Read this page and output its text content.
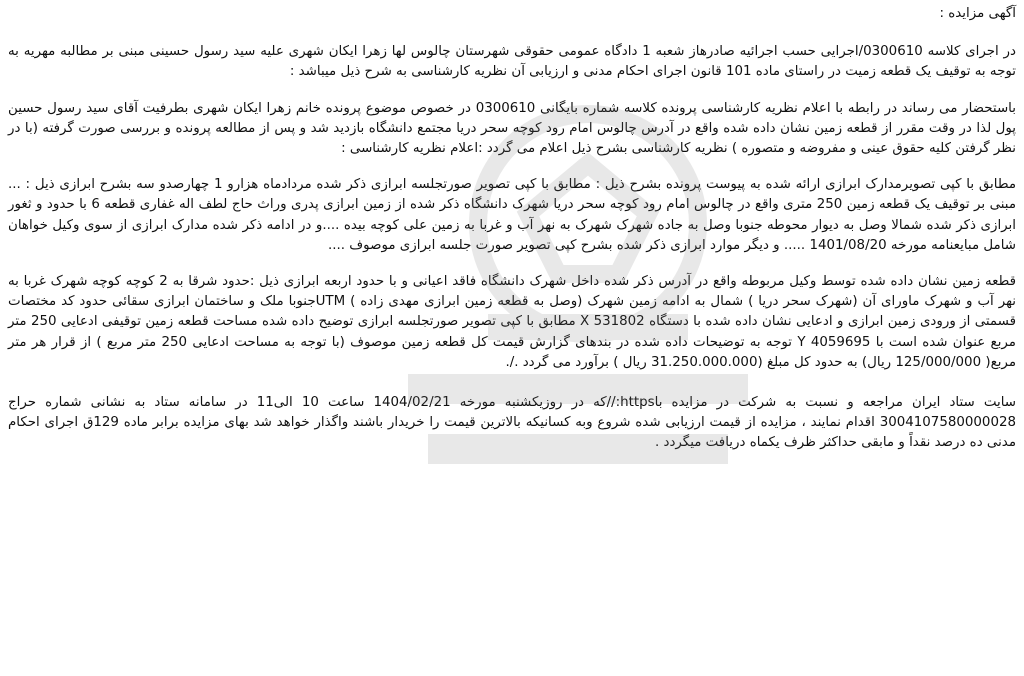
آگهی مزایده :

در اجرای کلاسه 0300610/اجرایی حسب اجرائیه صادرهاز شعبه 1 دادگاه عمومی حقوقی شهرستان چالوس لها زهرا ایکان شهری علیه سید رسول حسینی مبنی بر مطالبه مهریه به توجه به توقیف یک قطعه زمیت در راستای ماده 101 قانون اجرای احکام مدنی و ارزیابی آن نظریه کارشناسی به شرح ذیل میباشد :

باستحضار می رساند در رابطه با اعلام نظریه کارشناسی پرونده کلاسه شماره بایگانی 0300610 در خصوص موضوع پرونده خانم زهرا ایکان شهری بطرفیت آقای سید رسول حسین پول لذا در وقت مقرر از قطعه زمین نشان داده شده واقع در آدرس چالوس امام رود کوچه سحر دریا مجتمع دانشگاه بازدید شد و پس از مطالعه پرونده و بررسی صورت گرفته (با در نظر گرفتن کلیه حقوق عینی و مفروضه و متصوره ) نظریه کارشناسی بشرح ذیل اعلام می گردد :اعلام نظریه کارشناسی :

مطابق با کپی تصویرمدارک ابرازی ارائه شده به پیوست پرونده بشرح ذیل : مطابق با کپی تصویر صورتجلسه ابرازی ذکر شده مردادماه هزارو 1 چهارصدو سه بشرح ابرازی ذیل : ... مبنی بر توقیف یک قطعه زمین 250 متری واقع در چالوس امام رود کوچه سحر دریا شهرک دانشگاه ذکر شده از زمین ابرازی پدری وراث حاج لطف اله غفاری قطعه 6 با حدود و ثغور ابرازی ذکر شده شمالا وصل به دیوار محوطه جنوبا وصل به جاده شهرک شهرک به نهر آب و غربا به زمین علی کوچه بیده ....و در ادامه ذکر شده مدارک ابرازی از سوی وکیل خواهان شامل مبایعنامه مورخه 1401/08/20 ..... و دیگر موارد ابرازی ذکر شده بشرح کپی تصویر صورت جلسه ابرازی موصوف ....

قطعه زمین نشان داده شده توسط وکیل مربوطه واقع در آدرس ذکر شده داخل شهرک دانشگاه فاقد اعیانی و با حدود اربعه ابرازی ذیل :حدود شرقا به 2 کوچه کوچه شهرک غربا به نهر آب و شهرک ماورای آن (شهرک سحر دریا ) شمال به ادامه زمین شهرک (وصل به قطعه زمین ابرازی مهدی زاده ) UTMجنوبا ملک و ساختمان ابرازی سقائی حدود کد مختصات قسمتی از ورودی زمین ابرازی و ادعایی نشان داده شده با دستگاه 531802 X مطابق با کپی تصویر صورتجلسه ابرازی توضیح داده شده مساحت قطعه زمین توقیفی ادعایی 250 متر مربع عنوان شده است با 4059695 Y توجه به توضیحات داده شده در بندهای گزارش قیمت کل قطعه زمین موصوف (با توجه به مساحت ادعایی 250 متر مربع ) از قرار هر متر مربع( 125/000/000 ریال) به حدود کل مبلغ (31.250.000.000 ریال ) برآورد می گردد ./.

سایت ستاد ایران مراجعه و نسبت به شرکت در مزایده باhttps://که در روزیکشنبه مورخه 1404/02/21 ساعت 10 الی11 در سامانه ستاد به نشانی شماره حراج 3004107580000028 اقدام نمایند ، مزایده از قیمت ارزیابی شده شروع وبه کسانیکه بالاترین قیمت را خریدار باشند واگذار خواهد شد بهای مزایده برابر ماده 129ق اجرای احکام مدنی ده درصد نقداً و مابقی حداکثر ظرف یکماه دریافت میگردد .
